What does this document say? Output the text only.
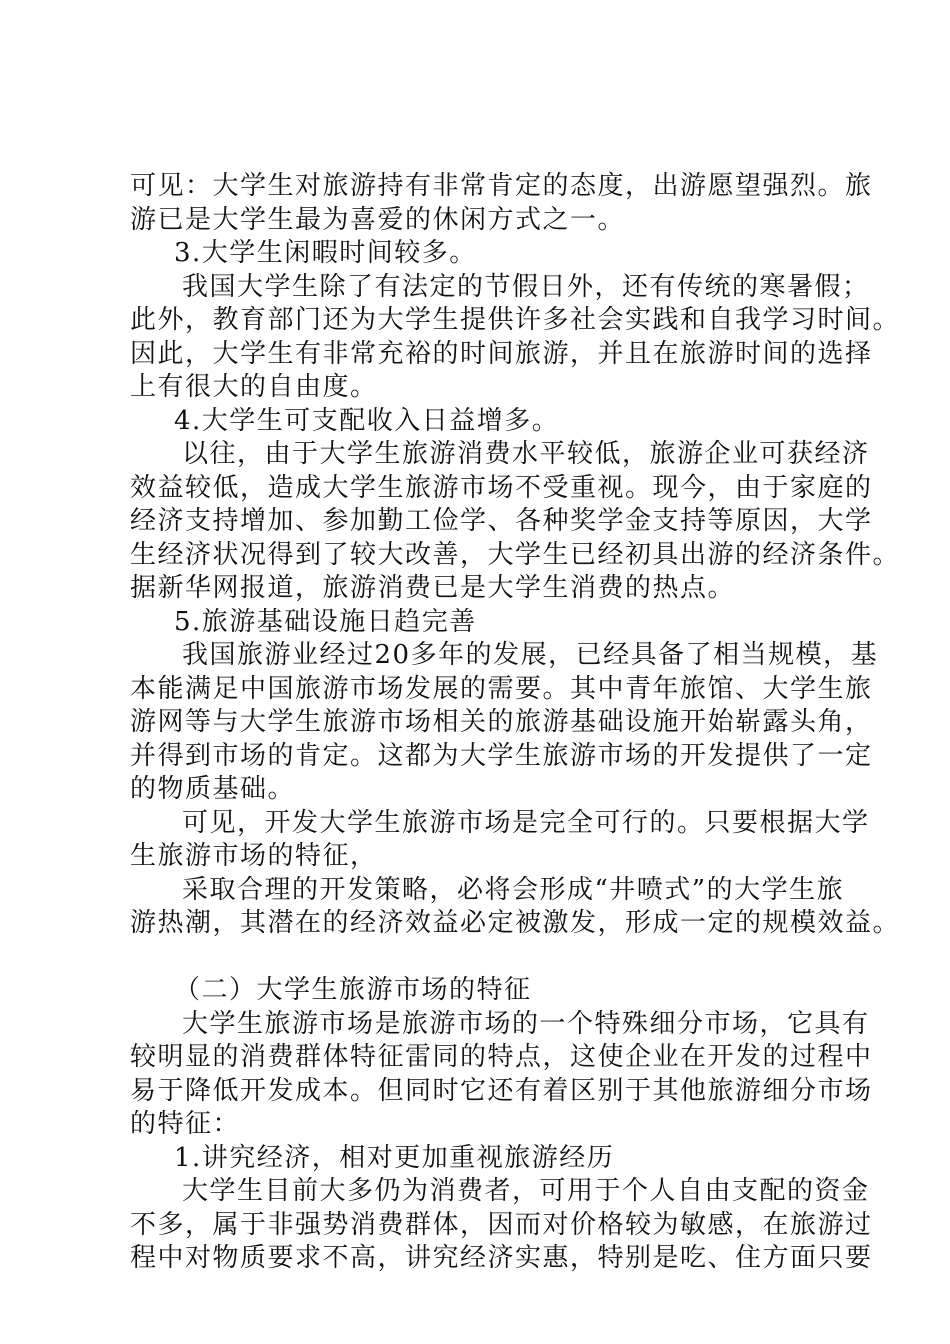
可见：大学生对旅游持有非常肯定的态度，出游愿望强烈。旅
游已是大学生最为喜爱的休闲方式之一。
3.大学生闲暇时间较多。
我国大学生除了有法定的节假日外，还有传统的寒暑假；
此外，教育部门还为大学生提供许多社会实践和自我学习时间。
因此，大学生有非常充裕的时间旅游，并且在旅游时间的选择
上有很大的自由度。
4.大学生可支配收入日益增多。
以往，由于大学生旅游消费水平较低，旅游企业可获经济
效益较低，造成大学生旅游市场不受重视。现今，由于家庭的
经济支持增加、参加勤工俭学、各种奖学金支持等原因，大学
生经济状况得到了较大改善，大学生已经初具出游的经济条件。
据新华网报道，旅游消费已是大学生消费的热点。
5.旅游基础设施日趋完善
我国旅游业经过20多年的发展，已经具备了相当规模，基
本能满足中国旅游市场发展的需要。其中青年旅馆、大学生旅
游网等与大学生旅游市场相关的旅游基础设施开始崭露头角，
并得到市场的肯定。这都为大学生旅游市场的开发提供了一定
的物质基础。
可见，开发大学生旅游市场是完全可行的。只要根据大学
生旅游市场的特征，
采取合理的开发策略，必将会形成“井喷式”的大学生旅
游热潮，其潜在的经济效益必定被激发，形成一定的规模效益。
（二）大学生旅游市场的特征
大学生旅游市场是旅游市场的一个特殊细分市场，它具有
较明显的消费群体特征雷同的特点，这使企业在开发的过程中
易于降低开发成本。但同时它还有着区别于其他旅游细分市场
的特征：
1.讲究经济，相对更加重视旅游经历
大学生目前大多仍为消费者，可用于个人自由支配的资金
不多，属于非强势消费群体，因而对价格较为敏感，在旅游过
程中对物质要求不高，讲究经济实惠，特别是吃、住方面只要
